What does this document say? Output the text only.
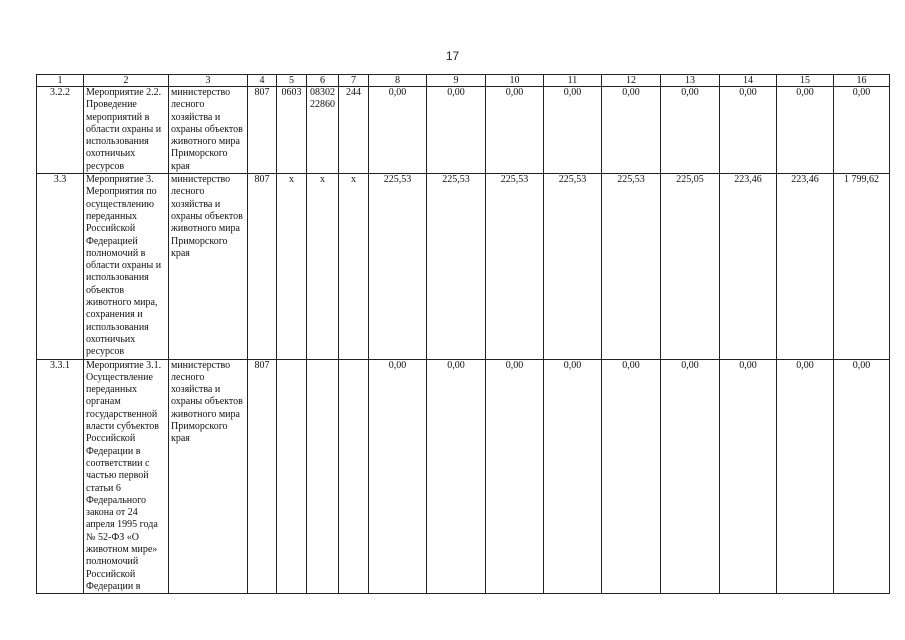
17
1	2	3	4	5	6	7	8	9	10	11	12	13	14	15	16
3.2.2	Мероприятие 2.2. Проведение мероприятий в области охраны и использования охотничьих ресурсов	министерство лесного хозяйства и охраны объектов животного мира Приморского края	807	0603	08302 22860	244	0,00	0,00	0,00	0,00	0,00	0,00	0,00	0,00	0,00
3.3	Мероприятие 3. Мероприятия по осуществлению переданных Российской Федерацией полномочий в области охраны и использования объектов животного мира, сохранения и использования охотничьих ресурсов	министерство лесного хозяйства и охраны объектов животного мира Приморского края	807	x	x	x	225,53	225,53	225,53	225,53	225,53	225,05	223,46	223,46	1 799,62
3.3.1	Мероприятие 3.1. Осуществление переданных органам государственной власти субъектов Российской Федерации в соответствии с частью первой статьи 6 Федерального закона от 24 апреля 1995 года № 52-ФЗ «О животном мире» полномочий Российской Федерации в	министерство лесного хозяйства и охраны объектов животного мира Приморского края	807				0,00	0,00	0,00	0,00	0,00	0,00	0,00	0,00	0,00
